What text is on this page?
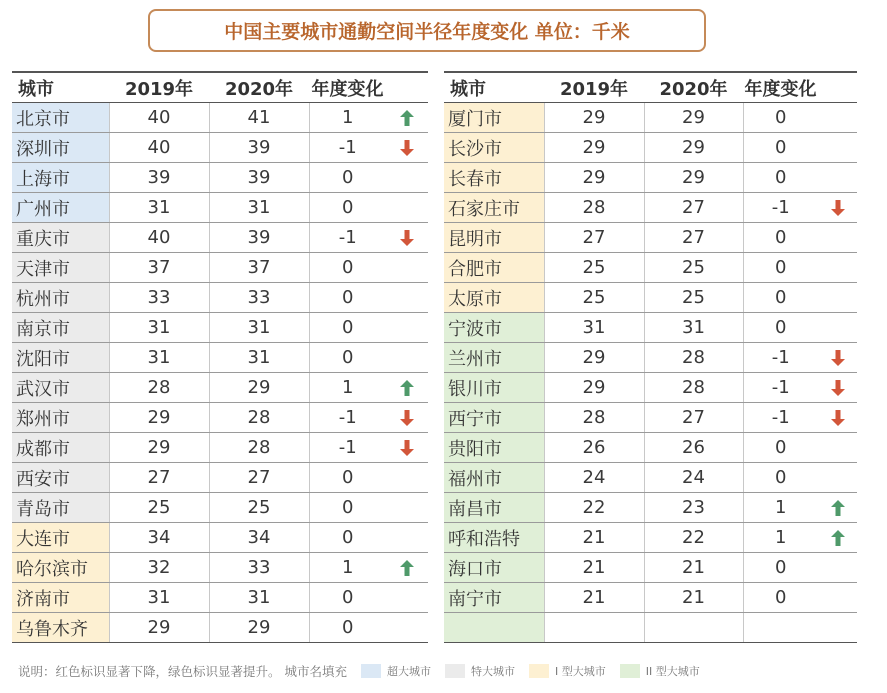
中国主要城市通勤空间半径年度变化 单位：千米
城市	2019年	2020年	年度变化	
北京市	40	41	1	

深圳市	40	39	-1	

上海市	39	39	0	
广州市	31	31	0	
重庆市	40	39	-1	

天津市	37	37	0	
杭州市	33	33	0	
南京市	31	31	0	
沈阳市	31	31	0	
武汉市	28	29	1	

郑州市	29	28	-1	

成都市	29	28	-1	

西安市	27	27	0	
青岛市	25	25	0	
大连市	34	34	0	
哈尔滨市	32	33	1	

济南市	31	31	0	
乌鲁木齐	29	29	0	
城市	2019年	2020年	年度变化	
厦门市	29	29	0	
长沙市	29	29	0	
长春市	29	29	0	
石家庄市	28	27	-1	

昆明市	27	27	0	
合肥市	25	25	0	
太原市	25	25	0	
宁波市	31	31	0	
兰州市	29	28	-1	

银川市	29	28	-1	

西宁市	28	27	-1	

贵阳市	26	26	0	
福州市	24	24	0	
南昌市	22	23	1	

呼和浩特	21	22	1	

海口市	21	21	0	
南宁市	21	21	0	

说明：红色标识显著下降，绿色标识显著提升。 城市名填充	超大城市	特大城市	I 型大城市	II 型大城市
